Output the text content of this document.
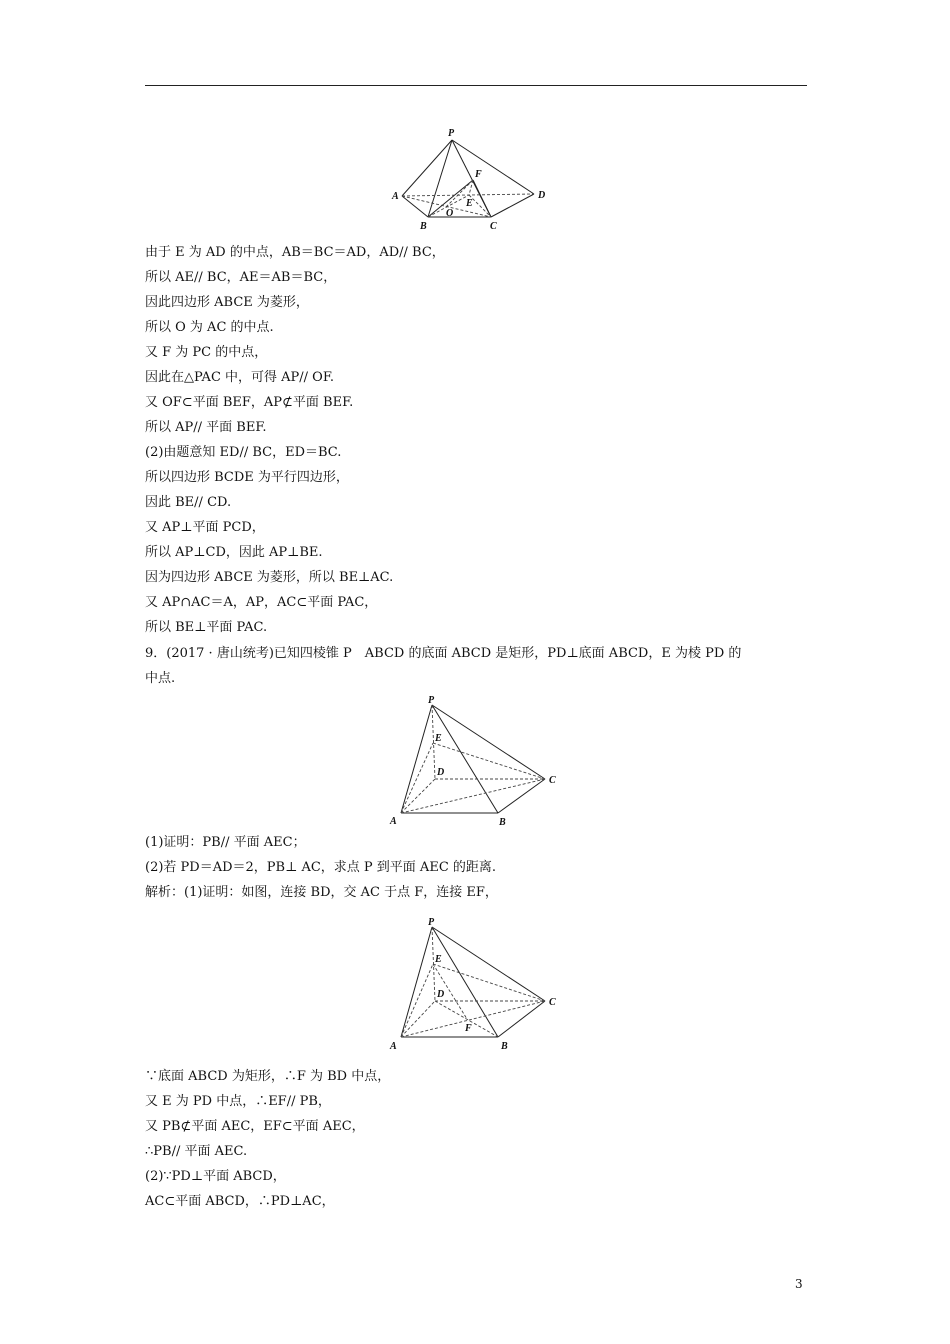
P
F
A
E
D
O
B	C
P
E
D
C
A	B
P
E
D
C
F
A	B
由于 E 为 AD 的中点，AB＝BC＝AD，AD// BC，
所以 AE// BC，AE＝AB＝BC，
因此四边形 ABCE 为菱形，
所以 O 为 AC 的中点.
又 F 为 PC 的中点，
因此在△PAC 中，可得 AP// OF.
又 OF⊂平面 BEF，AP⊄平面 BEF.
所以 AP// 平面 BEF.
(2)由题意知 ED// BC，ED＝BC.
所以四边形 BCDE 为平行四边形，
因此 BE// CD.
又 AP⊥平面 PCD，
所以 AP⊥CD，因此 AP⊥BE.
因为四边形 ABCE 为菱形，所以 BE⊥AC.
又 AP∩AC＝A，AP，AC⊂平面 PAC，
所以 BE⊥平面 PAC.
9．(2017 · 唐山统考)已知四棱锥 P　ABCD 的底面 ABCD 是矩形，PD⊥底面 ABCD，E 为棱 PD 的
中点.
(1)证明：PB// 平面 AEC；
(2)若 PD＝AD＝2，PB⊥ AC，求点 P 到平面 AEC 的距离.
解析：(1)证明：如图，连接 BD，交 AC 于点 F，连接 EF，
∵底面 ABCD 为矩形，∴F 为 BD 中点，
又 E 为 PD 中点，∴EF// PB，
又 PB⊄平面 AEC，EF⊂平面 AEC，
∴PB// 平面 AEC.
(2)∵PD⊥平面 ABCD，
AC⊂平面 ABCD，∴PD⊥AC，
3
